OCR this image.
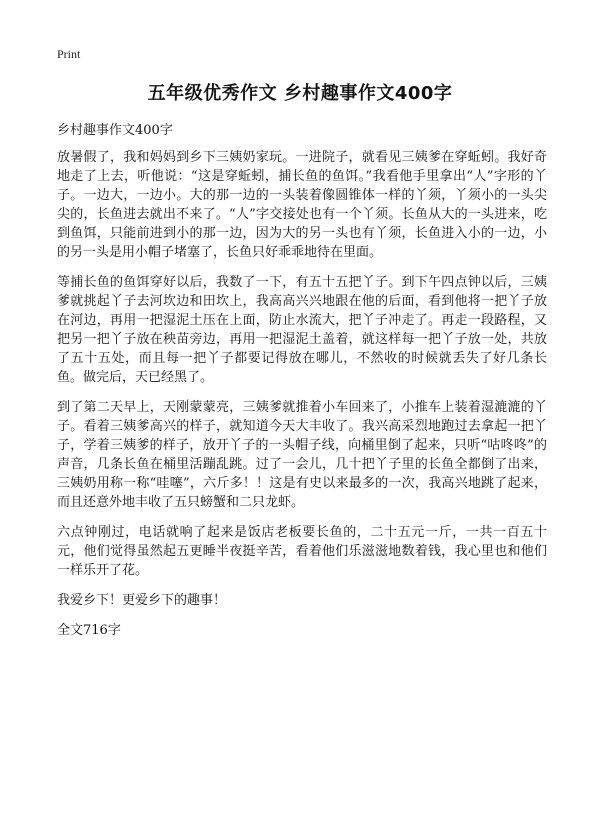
Print
五年级优秀作文 乡村趣事作文400字

乡村趣事作文400字

放暑假了，我和妈妈到乡下三姨奶家玩。一进院子，就看见三姨爹在穿蚯蚓。我好奇地走了上去，听他说：“这是穿蚯蚓，捕长鱼的鱼饵。”我看他手里拿出“人”字形的丫子。一边大，一边小。大的那一边的一头装着像圆锥体一样的丫须，丫须小的一头尖尖的，长鱼进去就出不来了。“人”字交接处也有一个丫须。长鱼从大的一头进来，吃到鱼饵，只能前进到小的那一边，因为大的另一头也有丫须，长鱼进入小的一边，小的另一头是用小帽子堵塞了，长鱼只好乖乖地待在里面。

等捕长鱼的鱼饵穿好以后，我数了一下，有五十五把丫子。到下午四点钟以后，三姨爹就挑起丫子去河坎边和田坎上，我高高兴兴地跟在他的后面，看到他将一把丫子放在河边，再用一把湿泥土压在上面，防止水流大，把丫子冲走了。再走一段路程，又把另一把丫子放在秧苗旁边，再用一把湿泥土盖着，就这样每一把丫子放一处，共放了五十五处，而且每一把丫子都要记得放在哪儿，不然收的时候就丢失了好几条长鱼。做完后，天已经黑了。

到了第二天早上，天刚蒙蒙亮，三姨爹就推着小车回来了，小推车上装着湿漉漉的丫子。看着三姨爹高兴的样子，就知道今天大丰收了。我兴高采烈地跑过去拿起一把丫子，学着三姨爹的样子，放开丫子的一头帽子线，向桶里倒了起来，只听“咕咚咚”的声音，几条长鱼在桶里活蹦乱跳。过了一会儿，几十把丫子里的长鱼全都倒了出来，三姨奶用称一称“哇噻”，六斤多！！这是有史以来最多的一次，我高兴地跳了起来，而且还意外地丰收了五只螃蟹和二只龙虾。

六点钟刚过，电话就响了起来是饭店老板要长鱼的，二十五元一斤，一共一百五十元，他们觉得虽然起五更睡半夜挺辛苦，看着他们乐滋滋地数着钱，我心里也和他们一样乐开了花。

我爱乡下！更爱乡下的趣事！

全文716字
